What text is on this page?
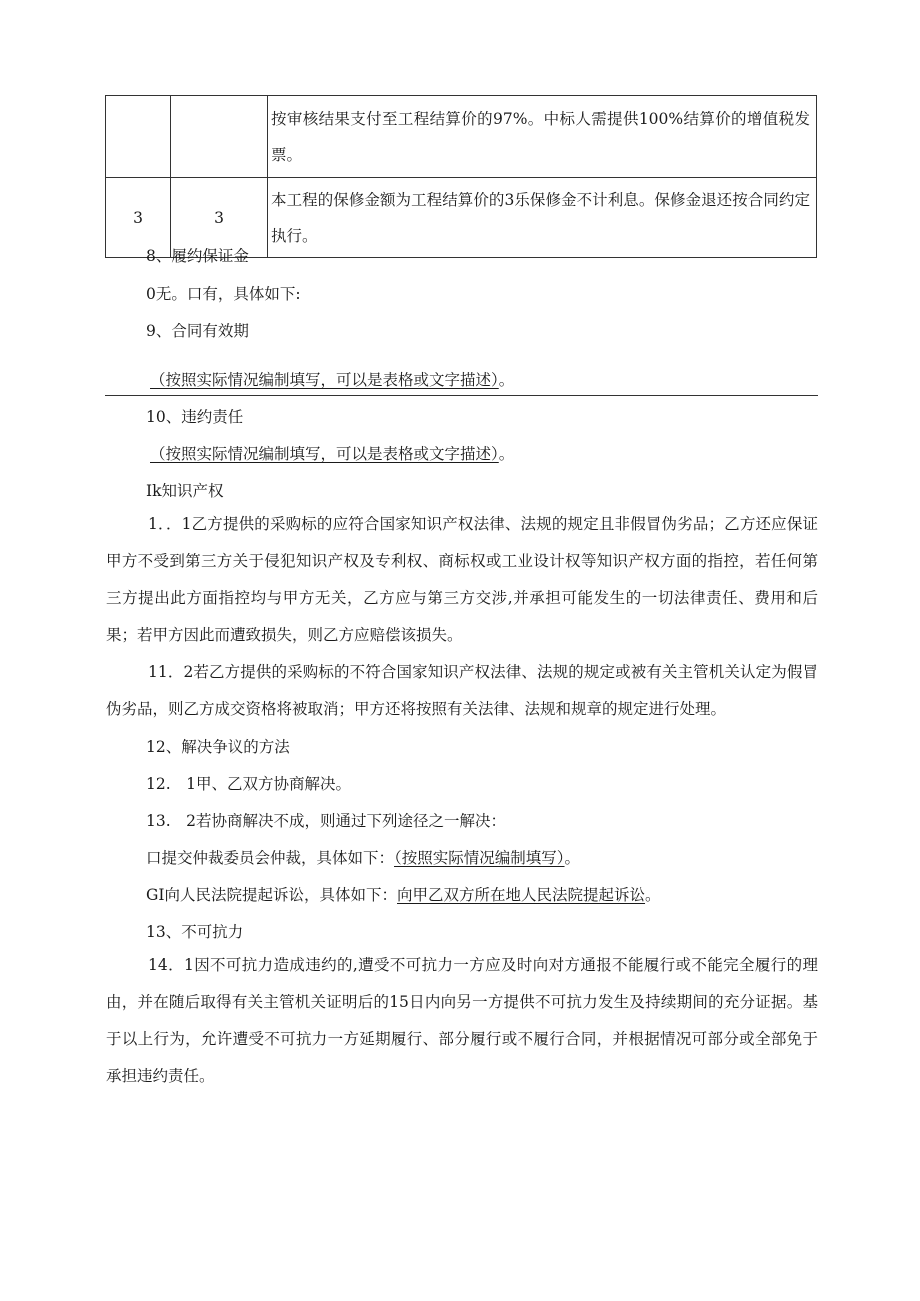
		按审核结果支付至工程结算价的97%。中标人需提供100%结算价的增值税发票。
3	3	本工程的保修金额为工程结算价的3乐保修金不计利息。保修金退还按合同约定执行。
8、履约保证金
0无。口有，具体如下:
9、合同有效期
（按照实际情况编制填写，可以是表格或文字描述）。
10、违约责任
（按照实际情况编制填写，可以是表格或文字描述）。
Ik知识产权
1．．1乙方提供的采购标的应符合国家知识产权法律、法规的规定且非假冒伪劣品；乙方还应保证甲方不受到第三方关于侵犯知识产权及专利权、商标权或工业设计权等知识产权方面的指控，若任何第三方提出此方面指控均与甲方无关，乙方应与第三方交涉,并承担可能发生的一切法律责任、费用和后果；若甲方因此而遭致损失，则乙方应赔偿该损失。
11．2若乙方提供的采购标的不符合国家知识产权法律、法规的规定或被有关主管机关认定为假冒伪劣品，则乙方成交资格将被取消；甲方还将按照有关法律、法规和规章的规定进行处理。
12、解决争议的方法
12.　1甲、乙双方协商解决。
13.　2若协商解决不成，则通过下列途径之一解决：
口提交仲裁委员会仲裁，具体如下：（按照实际情况编制填写）。
GI向人民法院提起诉讼，具体如下：向甲乙双方所在地人民法院提起诉讼。
13、不可抗力
14．1因不可抗力造成违约的,遭受不可抗力一方应及时向对方通报不能履行或不能完全履行的理由，并在随后取得有关主管机关证明后的15日内向另一方提供不可抗力发生及持续期间的充分证据。基于以上行为，允许遭受不可抗力一方延期履行、部分履行或不履行合同，并根据情况可部分或全部免于承担违约责任。
